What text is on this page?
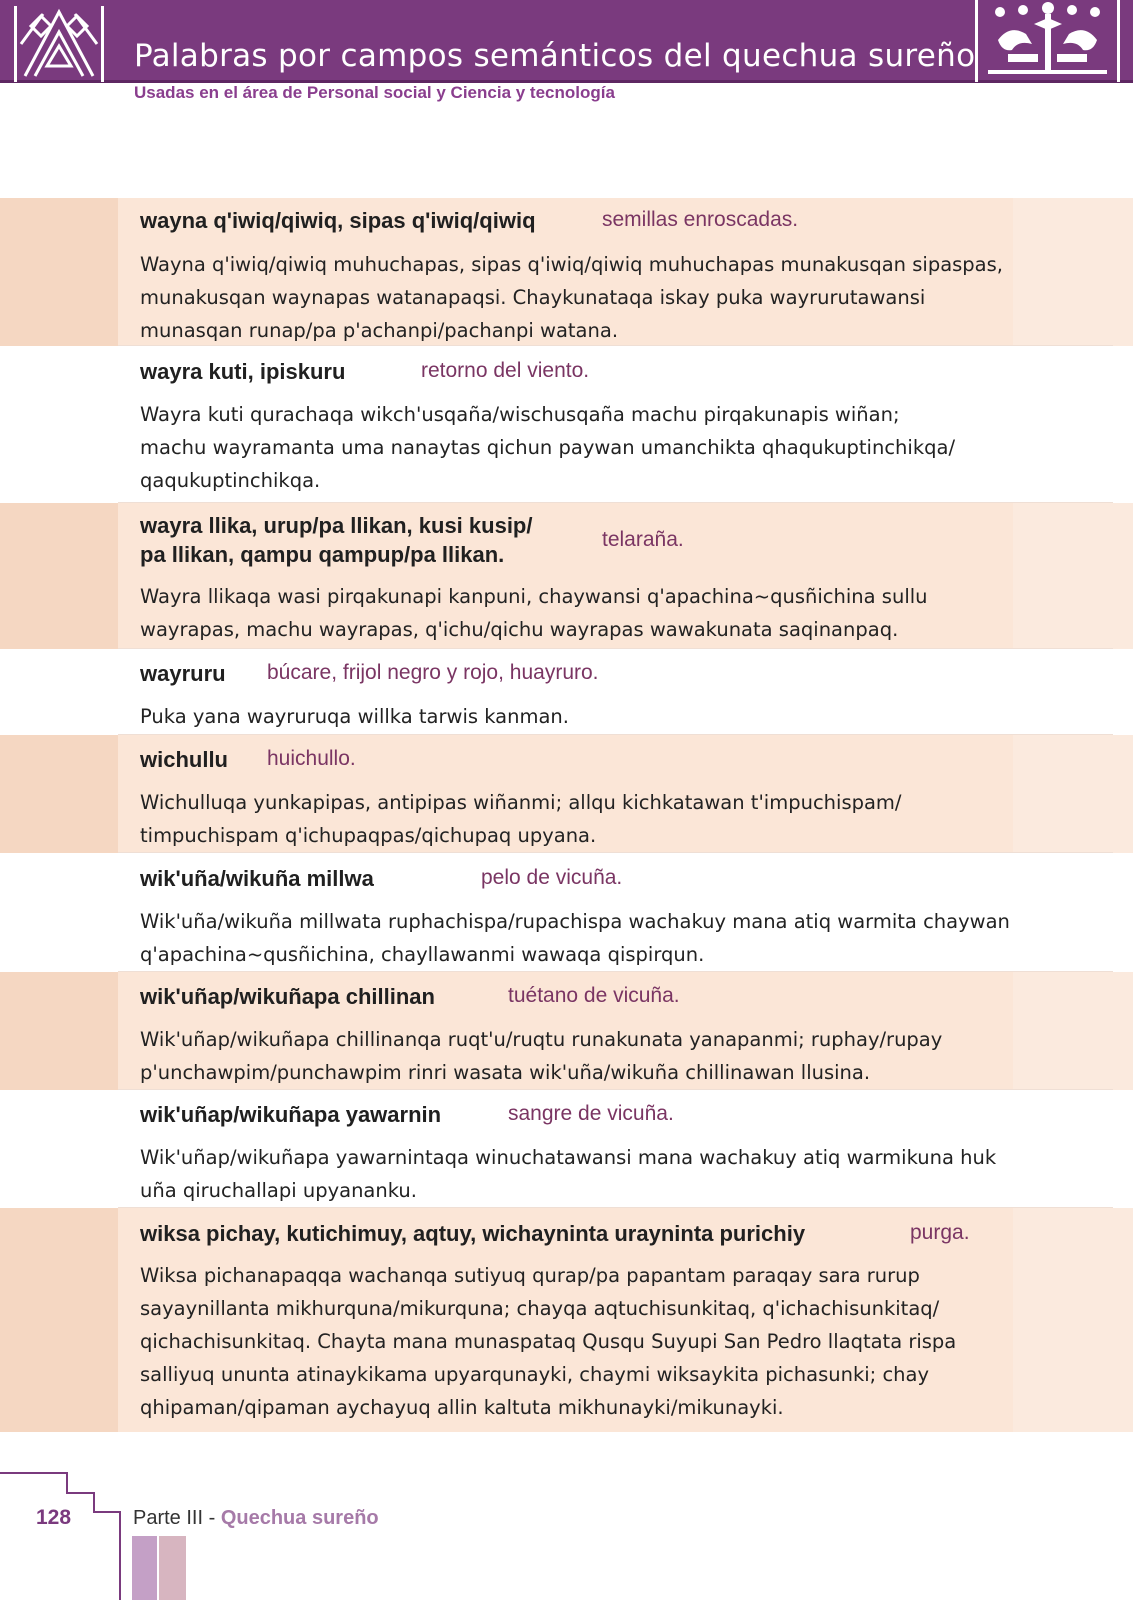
Palabras por campos semánticos del quechua sureño
Usadas en el área de Personal social y Ciencia y tecnología
wayna q'iwiq/qiwiq, sipas q'iwiq/qiwiq	semillas enroscadas.
Wayna q'iwiq/qiwiq muhuchapas, sipas q'iwiq/qiwiq muhuchapas munakusqan sipaspas,
munakusqan waynapas watanapaqsi. Chaykunataqa iskay puka wayrurutawansi
munasqan runap/pa p'achanpi/pachanpi watana.
wayra kuti, ipiskuru	retorno del viento.
Wayra kuti qurachaqa wikch'usqaña/wischusqaña machu pirqakunapis wiñan;
machu wayramanta uma nanaytas qichun paywan umanchikta qhaqukuptinchikqa/
qaqukuptinchikqa.
wayra llika, urup/pa llikan, kusi kusip/
pa llikan, qampu qampup/pa llikan.
telaraña.
Wayra llikaqa wasi pirqakunapi kanpuni, chaywansi q'apachina~qusñichina sullu
wayrapas, machu wayrapas, q'ichu/qichu wayrapas wawakunata saqinanpaq.
wayruru búcare, frijol negro y rojo, huayruro.
Puka yana wayruruqa willka tarwis kanman.
wichullu huichullo.
Wichulluqa yunkapipas, antipipas wiñanmi; allqu kichkatawan t'impuchispam/
timpuchispam q'ichupaqpas/qichupaq upyana.
wik'uña/wikuña millwa	pelo de vicuña.
Wik'uña/wikuña millwata ruphachispa/rupachispa wachakuy mana atiq warmita chaywan
q'apachina~qusñichina, chayllawanmi wawaqa qispirqun.
wik'uñap/wikuñapa chillinan	tuétano de vicuña.
Wik'uñap/wikuñapa chillinanqa ruqt'u/ruqtu runakunata yanapanmi; ruphay/rupay
p'unchawpim/punchawpim rinri wasata wik'uña/wikuña chillinawan llusina.
wik'uñap/wikuñapa yawarnin	sangre de vicuña.
Wik'uñap/wikuñapa yawarnintaqa winuchatawansi mana wachakuy atiq warmikuna huk
uña qiruchallapi upyananku.
wiksa pichay, kutichimuy, aqtuy, wichayninta urayninta purichiy	purga.
Wiksa pichanapaqqa wachanqa sutiyuq qurap/pa papantam paraqay sara rurup
sayaynillanta mikhurquna/mikurquna; chayqa aqtuchisunkitaq, q'ichachisunkitaq/
qichachisunkitaq. Chayta mana munaspataq Qusqu Suyupi San Pedro llaqtata rispa
salliyuq ununta atinaykikama upyarqunayki, chaymi wiksaykita pichasunki; chay
qhipaman/qipaman aychayuq allin kaltuta mikhunayki/mikunayki.
128	Parte III - Quechua sureño
